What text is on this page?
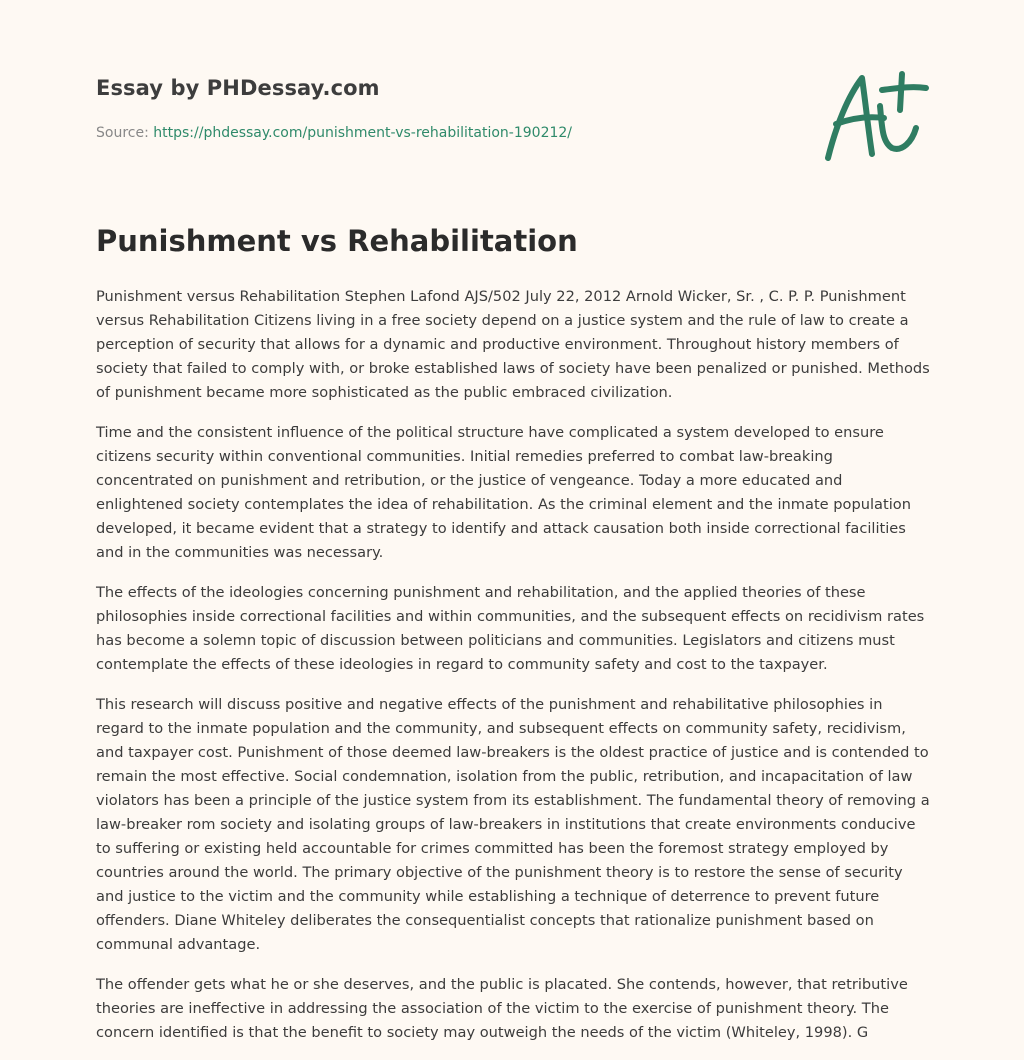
Essay by PHDessay.com
Source: https://phdessay.com/punishment-vs-rehabilitation-190212/
Punishment vs Rehabilitation

Punishment versus Rehabilitation Stephen Lafond AJS/502 July 22, 2012 Arnold Wicker, Sr. , C. P. P. Punishment versus Rehabilitation Citizens living in a free society depend on a justice system and the rule of law to create a perception of security that allows for a dynamic and productive environment. Throughout history members of society that failed to comply with, or broke established laws of society have been penalized or punished. Methods of punishment became more sophisticated as the public embraced civilization.

Time and the consistent influence of the political structure have complicated a system developed to ensure citizens security within conventional communities. Initial remedies preferred to combat law-breaking concentrated on punishment and retribution, or the justice of vengeance. Today a more educated and enlightened society contemplates the idea of rehabilitation. As the criminal element and the inmate population developed, it became evident that a strategy to identify and attack causation both inside correctional facilities and in the communities was necessary.

The effects of the ideologies concerning punishment and rehabilitation, and the applied theories of these philosophies inside correctional facilities and within communities, and the subsequent effects on recidivism rates has become a solemn topic of discussion between politicians and communities. Legislators and citizens must contemplate the effects of these ideologies in regard to community safety and cost to the taxpayer.

This research will discuss positive and negative effects of the punishment and rehabilitative philosophies in regard to the inmate population and the community, and subsequent effects on community safety, recidivism, and taxpayer cost. Punishment of those deemed law-breakers is the oldest practice of justice and is contended to remain the most effective. Social condemnation, isolation from the public, retribution, and incapacitation of law violators has been a principle of the justice system from its establishment. The fundamental theory of removing a law-breaker rom society and isolating groups of law-breakers in institutions that create environments conducive to suffering or existing held accountable for crimes committed has been the foremost strategy employed by countries around the world. The primary objective of the punishment theory is to restore the sense of security and justice to the victim and the community while establishing a technique of deterrence to prevent future offenders. Diane Whiteley deliberates the consequentialist concepts that rationalize punishment based on communal advantage.

The offender gets what he or she deserves, and the public is placated. She contends, however, that retributive theories are ineffective in addressing the association of the victim to the exercise of punishment theory. The concern identified is that the benefit to society may outweigh the needs of the victim (Whiteley, 1998). G
